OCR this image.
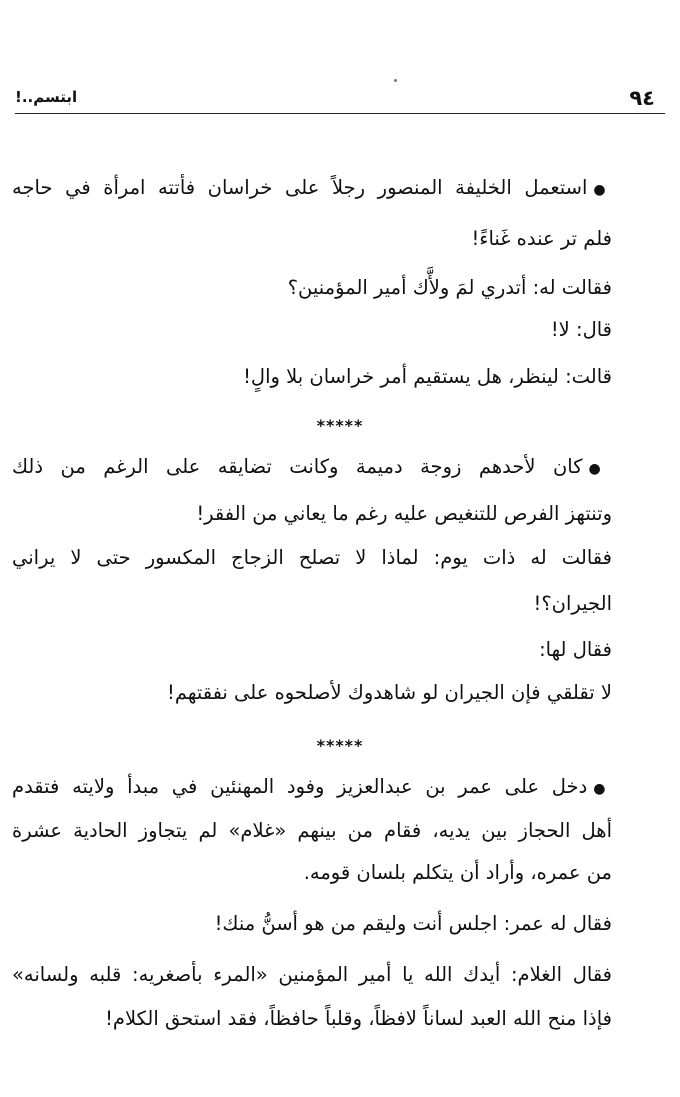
٩٤
ابتسم..!
●استعمل الخليفة المنصور رجلاً على خراسان فأتته امرأة في حاجه
فلم تر عنده غَناءً!
فقالت له: أتدري لمَ ولأَّك أمير المؤمنين؟
قال: لا!
قالت: لينظر، هل يستقيم أمر خراسان بلا والٍ!
*****
●كان لأحدهم زوجة دميمة وكانت تضايقه على الرغم من ذلك
وتنتهز الفرص للتنغيص عليه رغم ما يعاني من الفقر!
فقالت له ذات يوم: لماذا لا تصلح الزجاج المكسور حتى لا يراني
الجيران؟!
فقال لها:
لا تقلقي فإن الجيران لو شاهدوك لأصلحوه على نفقتهم!
*****
●دخل على عمر بن عبدالعزيز وفود المهنئين في مبدأ ولايته فتقدم
أهل الحجاز بين يديه، فقام من بينهم «غلام» لم يتجاوز الحادية عشرة
من عمره، وأراد أن يتكلم بلسان قومه.
فقال له عمر: اجلس أنت وليقم من هو أسنُّ منك!
فقال الغلام: أيدك الله يا أمير المؤمنين «المرء بأصغريه: قلبه ولسانه»
فإذا منح الله العبد لساناً لافظاً، وقلباً حافظاً، فقد استحق الكلام!
